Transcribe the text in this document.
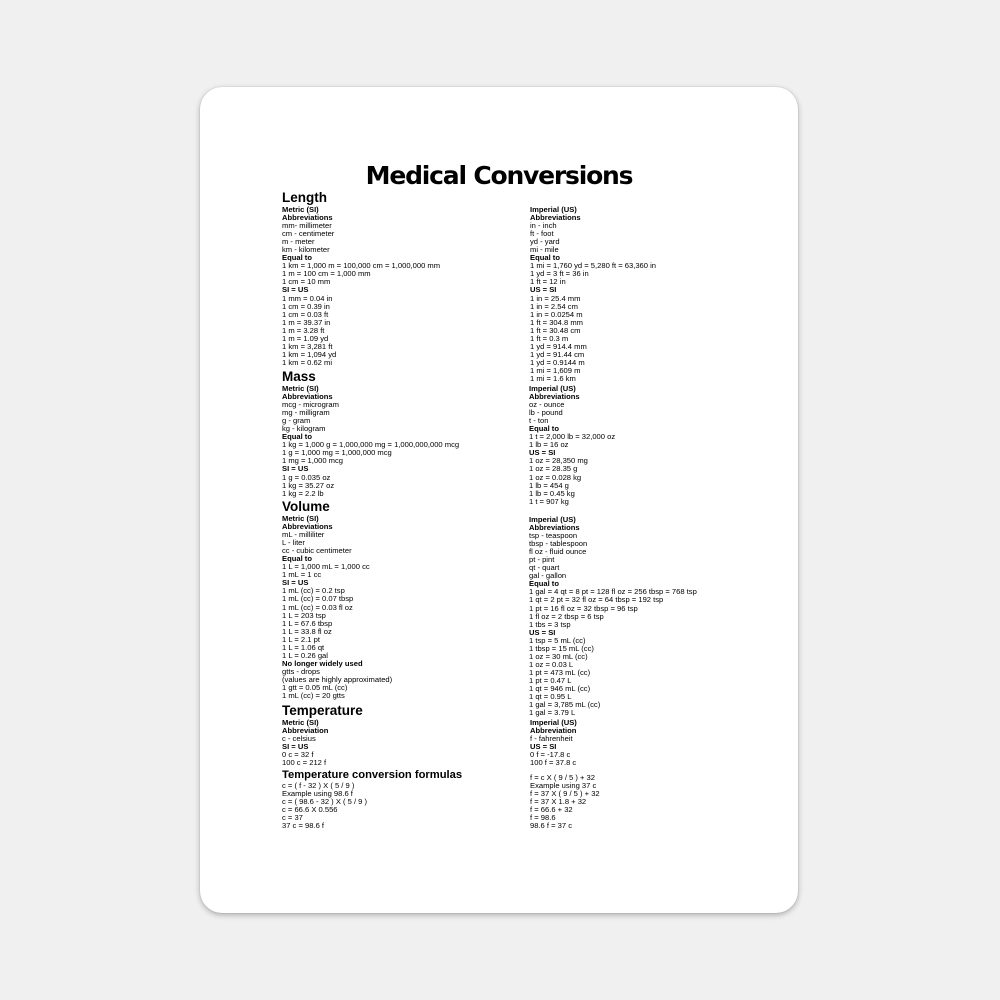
Medical Conversions
Length
Metric (SI)
Abbreviations
mm- millimeter
cm - centimeter
m - meter
km - kilometer
Equal to
1 km = 1,000 m = 100,000 cm = 1,000,000 mm
1 m = 100 cm = 1,000 mm
1 cm = 10 mm
SI = US
1 mm = 0.04 in
1 cm = 0.39 in
1 cm = 0.03 ft
1 m = 39.37 in
1 m = 3.28 ft
1 m = 1.09 yd
1 km = 3,281 ft
1 km = 1,094 yd
1 km = 0.62 mi
Imperial (US)
Abbreviations
in - inch
ft - foot
yd - yard
mi - mile
Equal to
1 mi = 1,760 yd = 5,280 ft = 63,360 in
1 yd = 3 ft = 36 in
1 ft = 12 in
US = SI
1 in = 25.4 mm
1 in = 2.54 cm
1 in = 0.0254 m
1 ft = 304.8 mm
1 ft = 30.48 cm
1 ft = 0.3 m
1 yd = 914.4 mm
1 yd = 91.44 cm
1 yd = 0.9144 m
1 mi = 1,609 m
1 mi = 1.6 km
Mass
Metric (SI)
Abbreviations
mcg - microgram
mg - milligram
g - gram
kg - kilogram
Equal to
1 kg = 1,000 g = 1,000,000 mg = 1,000,000,000 mcg
1 g = 1,000 mg = 1,000,000 mcg
1 mg = 1,000 mcg
SI = US
1 g = 0.035 oz
1 kg = 35.27 oz
1 kg = 2.2 lb
Imperial (US)
Abbreviations
oz - ounce
lb - pound
t - ton
Equal to
1 t = 2,000 lb = 32,000 oz
1 lb = 16 oz
US = SI
1 oz = 28,350 mg
1 oz = 28.35 g
1 oz = 0.028 kg
1 lb = 454 g
1 lb = 0.45 kg
1 t = 907 kg
Volume
Metric (SI)
Abbreviations
mL - milliliter
L - liter
cc - cubic centimeter
Equal to
1 L = 1,000 mL = 1,000 cc
1 mL = 1 cc
SI = US
1 mL (cc) = 0.2 tsp
1 mL (cc) = 0.07 tbsp
1 mL (cc) = 0.03 fl oz
1 L = 203 tsp
1 L = 67.6 tbsp
1 L = 33.8 fl oz
1 L = 2.1 pt
1 L = 1.06 qt
1 L = 0.26 gal
No longer widely used
gtts - drops
(values are highly approximated)
1 gtt = 0.05 mL (cc)
1 mL (cc) = 20 gtts
Imperial (US)
Abbreviations
tsp - teaspoon
tbsp - tablespoon
fl oz - fluid ounce
pt - pint
qt - quart
gal - gallon
Equal to
1 gal = 4 qt = 8 pt = 128 fl oz = 256 tbsp = 768 tsp
1 qt = 2 pt = 32 fl oz = 64 tbsp = 192 tsp
1 pt = 16 fl oz = 32 tbsp = 96 tsp
1 fl oz = 2 tbsp = 6 tsp
1 tbs = 3 tsp
US = SI
1 tsp = 5 mL (cc)
1 tbsp = 15 mL (cc)
1 oz = 30 mL (cc)
1 oz = 0.03 L
1 pt = 473 mL (cc)
1 pt = 0.47 L
1 qt = 946 mL (cc)
1 qt = 0.95 L
1 gal = 3,785 mL (cc)
1 gal = 3.79 L
Temperature
Metric (SI)
Abbreviation
c - celsius
SI = US
0 c = 32 f
100 c = 212 f
Imperial (US)
Abbreviation
f - fahrenheit
US = SI
0 f = -17.8 c
100 f = 37.8 c
Temperature conversion formulas
c = ( f - 32 ) X ( 5 / 9 )
Example using 98.6 f
c = ( 98.6 - 32 ) X ( 5 / 9 )
c = 66.6 X 0.556
c = 37
37 c = 98.6 f
f = c X ( 9 / 5 ) + 32
Example using 37 c
f = 37 X ( 9 / 5 ) + 32
f = 37 X 1.8 + 32
f = 66.6 + 32
f = 98.6
98.6 f = 37 c
